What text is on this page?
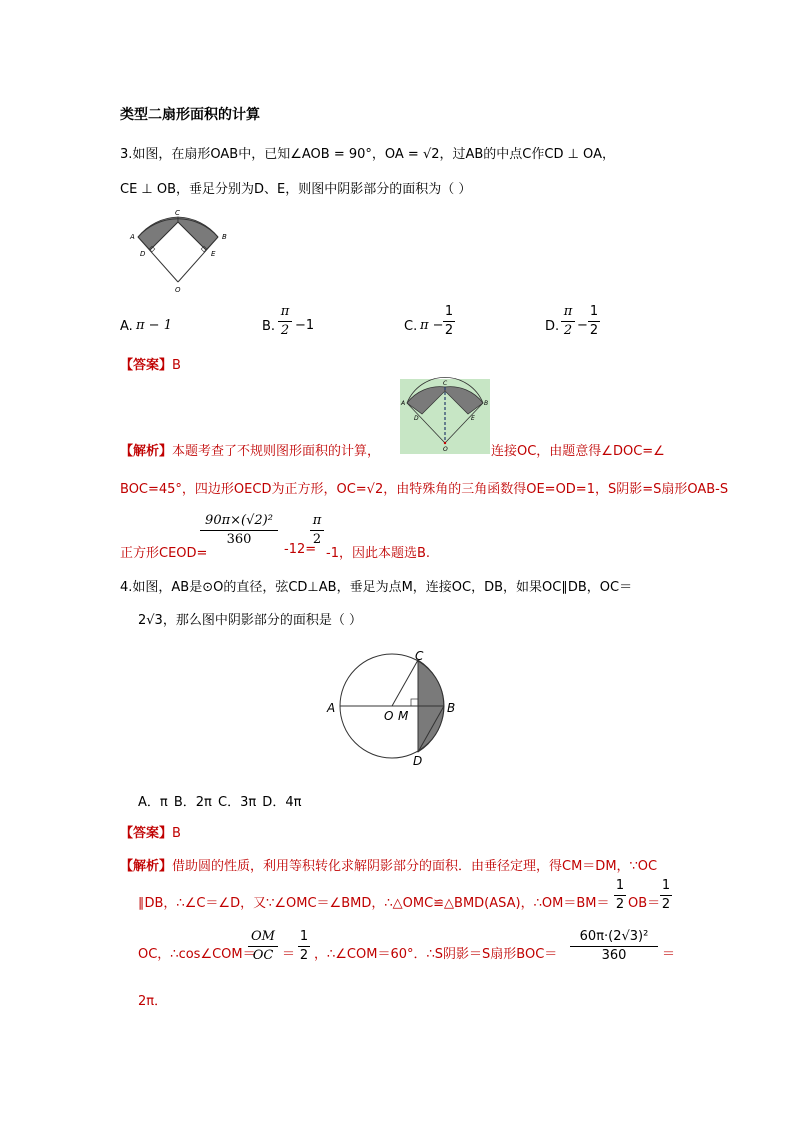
类型二扇形面积的计算
3.如图，在扇形OAB中，已知∠AOB = 90°，OA = √2，过AB的中点C作CD ⊥ OA，
CE ⊥ OB，垂足分别为D、E，则图中阴影部分的面积为（ ）
A	B
C
D	E
O
A. π − 1	B.
π
2 −1	C. π −
1
2	D.
π
2 −
1
2
【答案】B
A	B
C
D	E
O
【解析】本题考查了不规则图形面积的计算，	连接OC，由题意得∠DOC=∠
BOC=45°，四边形OECD为正方形，OC=√2，由特殊角的三角函数得OE=OD=1，S阴影=S扇形OAB-S
正方形CEOD=
90π×(√2)²
360
-12=
π
2
-1，因此本题选B.
4.如图，AB是⊙O的直径，弦CD⊥AB，垂足为点M，连接OC，DB，如果OC∥DB，OC＝
2√3，那么图中阴影部分的面积是（ ）
A	B
C
D
O M
A．π B．2π C．3π D．4π
【答案】B
【解析】借助圆的性质，利用等积转化求解阴影部分的面积．由垂径定理，得CM＝DM，∵OC
∥DB，∴∠C＝∠D，又∵∠OMC＝∠BMD，∴△OMC≌△BMD(ASA)，∴OM＝BM＝
1
2 OB＝
1
2
OC，∴cos∠COM＝
OM
OC ＝
1
2 ，∴∠COM＝60°．∴S阴影＝S扇形BOC＝
60π·(2√3)²
360	＝
2π．
